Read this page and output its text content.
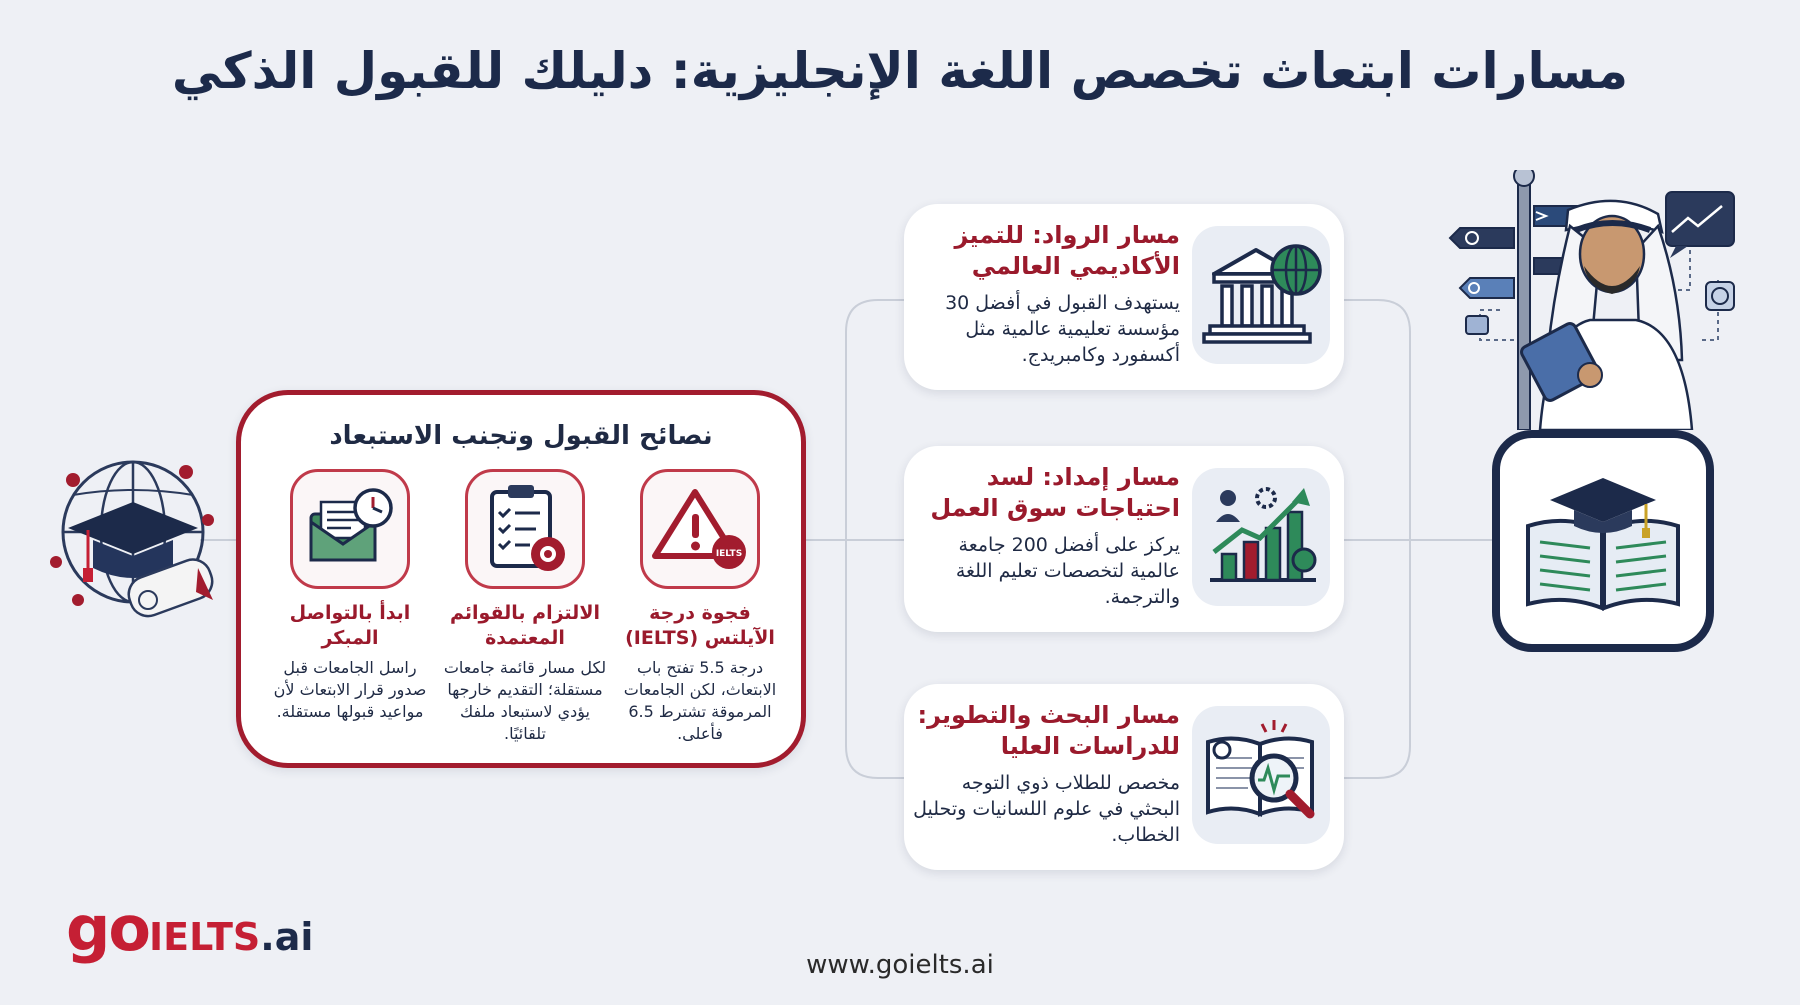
مسارات ابتعاث تخصص اللغة الإنجليزية: دليلك للقبول الذكي
نصائح القبول وتجنب الاستبعاد
IELTS
فجوة درجة الآيلتس (IELTS)
درجة 5.5 تفتح باب الابتعاث، لكن الجامعات المرموقة تشترط 6.5 فأعلى.
الالتزام بالقوائم المعتمدة
لكل مسار قائمة جامعات مستقلة؛ التقديم خارجها يؤدي لاستبعاد ملفك تلقائيًا.
ابدأ بالتواصل المبكر
راسل الجامعات قبل صدور قرار الابتعاث لأن مواعيد قبولها مستقلة.
مسار الرواد: للتميز الأكاديمي العالمي
يستهدف القبول في أفضل 30 مؤسسة تعليمية عالمية مثل أكسفورد وكامبريدج.
مسار إمداد: لسد احتياجات سوق العمل
يركز على أفضل 200 جامعة عالمية لتخصصات تعليم اللغة والترجمة.
مسار البحث والتطوير: للدراسات العليا
مخصص للطلاب ذوي التوجه البحثي في علوم اللسانيات وتحليل الخطاب.
goIELTS.ai
www.goielts.ai
